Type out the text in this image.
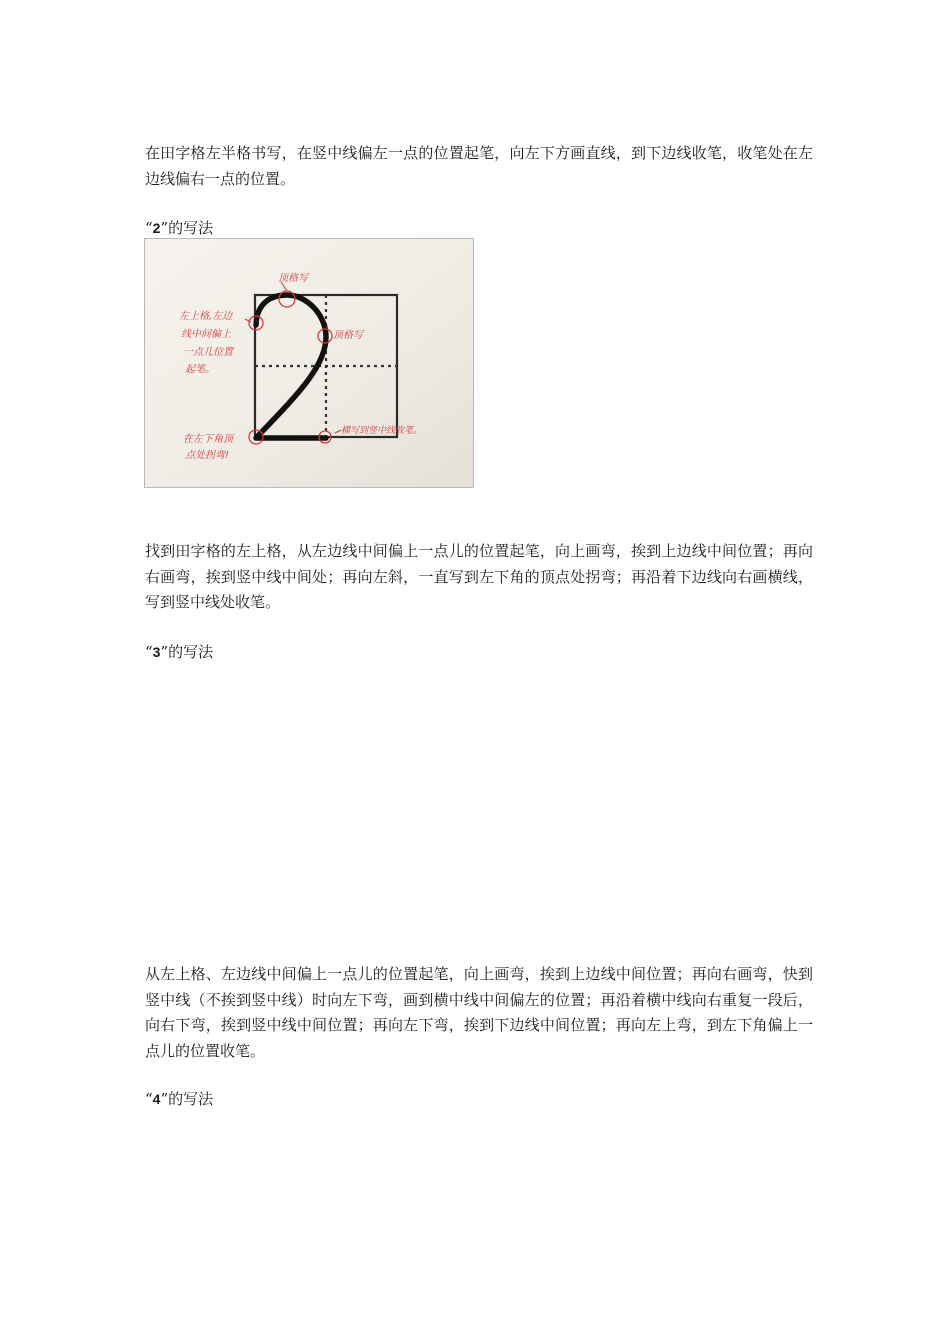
在田字格左半格书写，在竖中线偏左一点的位置起笔，向左下方画直线，到下边线收笔，收笔处在左边线偏右一点的位置。

“2”的写法

顶格写
顶格写
左上格,左边
线中间偏上
一点儿位置
起笔。
在左下角顶
点处拐弯!
横写到竖中线收笔。

找到田字格的左上格，从左边线中间偏上一点儿的位置起笔，向上画弯，挨到上边线中间位置；再向右画弯，挨到竖中线中间处；再向左斜，一直写到左下角的顶点处拐弯；再沿着下边线向右画横线，写到竖中线处收笔。

“3”的写法

从左上格、左边线中间偏上一点儿的位置起笔，向上画弯，挨到上边线中间位置；再向右画弯，快到竖中线（不挨到竖中线）时向左下弯，画到横中线中间偏左的位置；再沿着横中线向右重复一段后，向右下弯，挨到竖中线中间位置；再向左下弯，挨到下边线中间位置；再向左上弯，到左下角偏上一点儿的位置收笔。

“4”的写法
